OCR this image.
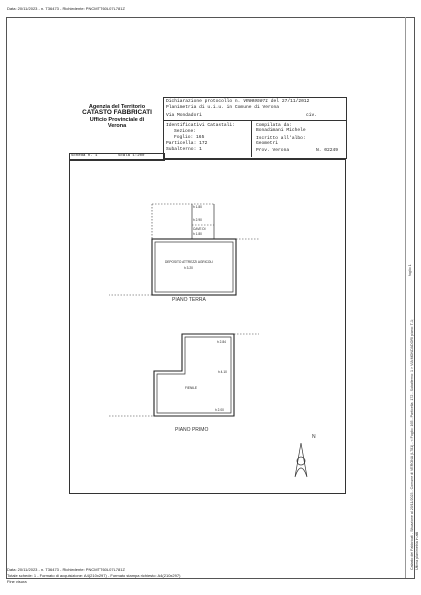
Data: 20/11/2023 - n. T36473 - Richiedente: PNCMTT60L07L781Z
Agenzia del Territorio
CATASTO FABBRICATI
Ufficio Provinciale di
Verona
Dichiarazione protocollo n. VR0095071 del 27/11/2012
Planimetria di u.i.u. in Comune di Verona
Via Mondadori	civ.
Identificativi Catastali:
Sezione:
Foglio: 165
Particella: 172
Subalterno: 1
Compilata da:
Bonadimani Michele
Iscritto all'albo:
Geometri
Prov. Verona	N. 02249
Scheda n. 1	Scala 1:200
h 1.80
h 2.90
CAVE DI
h 1.80
DEPOSITO ATTREZZI AGRICOLI
h 3.20
PIANO TERRA
h 2.84
h 4.10
FIENILE
h 2.00
PIANO PRIMO
N
Data: 20/11/2023 - n. T36473 - Richiedente: PNCMTT60L07L781Z
Totale schede: 1 - Formato di acquisizione: A4(210x297) - Formato stampa richiesto: A4(210x297)
Fine visura
foglio 1
Catasto dei Fabbricati - Situazione al 20/11/2023 - Comune di VERONA (L781) - < Foglio: 165 - Particella: 172 - Subalterno: 1 > VIA MONDADORI piano: T-1; Ultima planimetria in atti
